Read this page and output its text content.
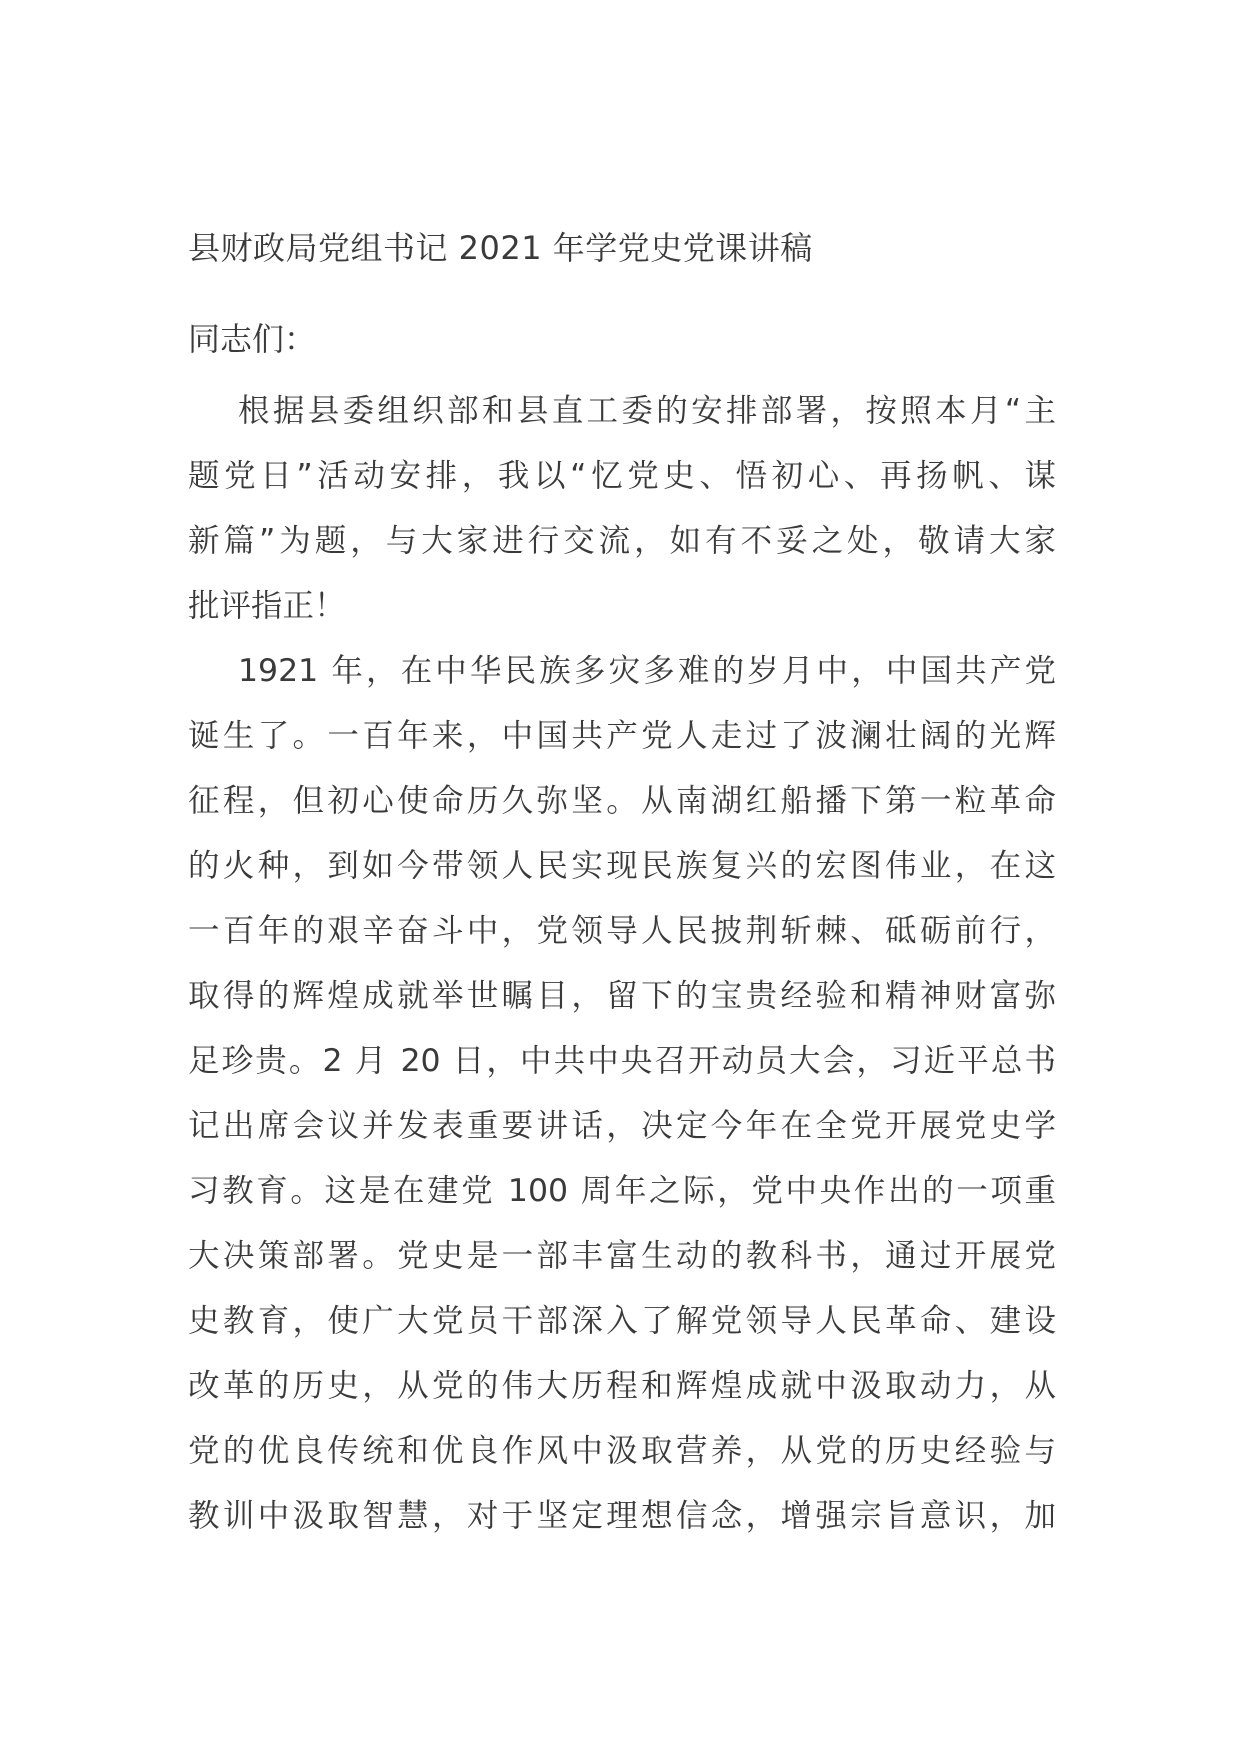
县财政局党组书记 2021 年学党史党课讲稿
同志们：
根据县委组织部和县直工委的安排部署，按照本月“主
题党日”活动安排，我以“忆党史、悟初心、再扬帆、谋
新篇”为题，与大家进行交流，如有不妥之处，敬请大家
批评指正！
1921 年，在中华民族多灾多难的岁月中，中国共产党
诞生了。一百年来，中国共产党人走过了波澜壮阔的光辉
征程，但初心使命历久弥坚。从南湖红船播下第一粒革命
的火种，到如今带领人民实现民族复兴的宏图伟业，在这
一百年的艰辛奋斗中，党领导人民披荆斩棘、砥砺前行，
取得的辉煌成就举世瞩目，留下的宝贵经验和精神财富弥
足珍贵。2 月 20 日，中共中央召开动员大会，习近平总书
记出席会议并发表重要讲话，决定今年在全党开展党史学
习教育。这是在建党 100 周年之际，党中央作出的一项重
大决策部署。党史是一部丰富生动的教科书，通过开展党
史教育，使广大党员干部深入了解党领导人民革命、建设
改革的历史，从党的伟大历程和辉煌成就中汲取动力，从
党的优良传统和优良作风中汲取营养，从党的历史经验与
教训中汲取智慧，对于坚定理想信念，增强宗旨意识，加
